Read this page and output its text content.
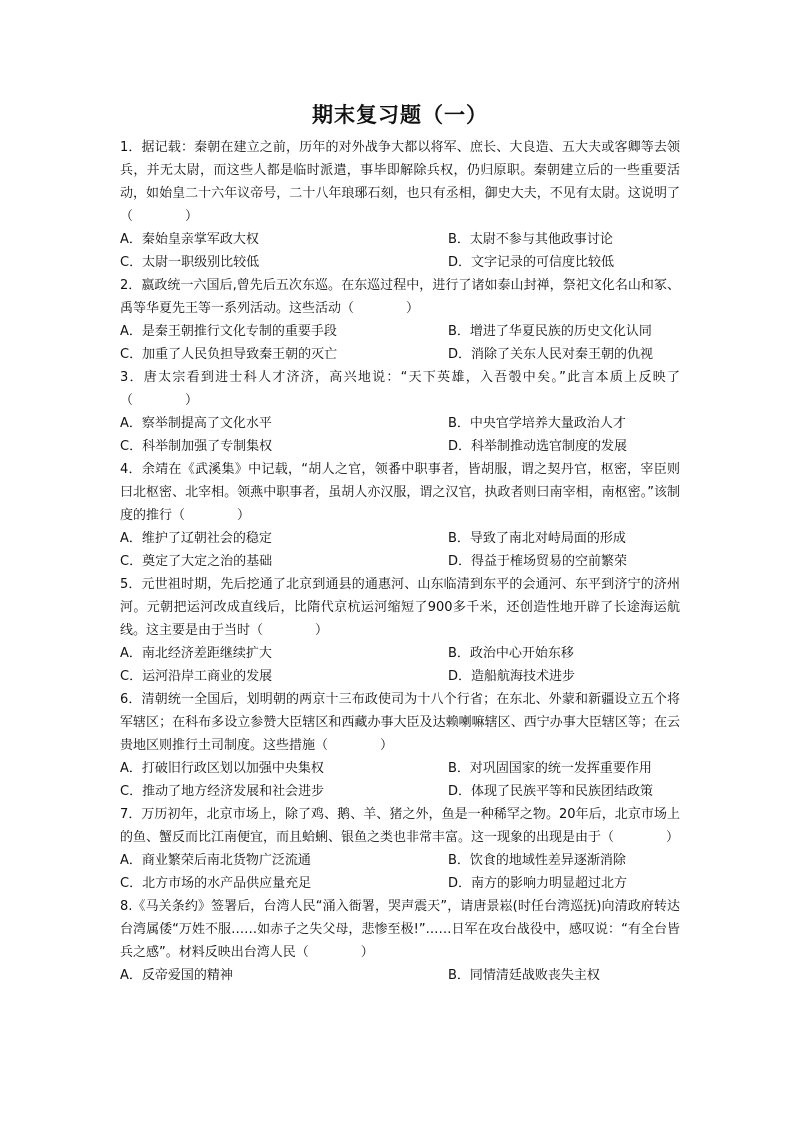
期末复习题（一）
1．据记载：秦朝在建立之前，历年的对外战争大都以将军、庶长、大良造、五大夫或客卿等去领兵，并无太尉，而这些人都是临时派遣，事毕即解除兵权，仍归原职。秦朝建立后的一些重要活动，如始皇二十六年议帝号，二十八年琅琊石刻，也只有丞相，御史大夫，不见有太尉。这说明了（　　　　）
A．秦始皇亲掌军政大权	B．太尉不参与其他政事讨论
C．太尉一职级别比较低	D．文字记录的可信度比较低
2．嬴政统一六国后,曾先后五次东巡。在东巡过程中，进行了诸如泰山封禅，祭祀文化名山和冢、禹等华夏先王等一系列活动。这些活动（　　　　）
A．是秦王朝推行文化专制的重要手段	B．增进了华夏民族的历史文化认同
C．加重了人民负担导致秦王朝的灭亡	D．消除了关东人民对秦王朝的仇视
3．唐太宗看到进士科人才济济，高兴地说：“天下英雄，入吾彀中矣。”此言本质上反映了（　　　　）
A．察举制提高了文化水平	B．中央官学培养大量政治人才
C．科举制加强了专制集权	D．科举制推动选官制度的发展
4．余靖在《武溪集》中记载，“胡人之官，领番中职事者，皆胡服，谓之契丹官，枢密，宰臣则曰北枢密、北宰相。领燕中职事者，虽胡人亦汉服，谓之汉官，执政者则曰南宰相，南枢密。”该制度的推行（　　　　）
A．维护了辽朝社会的稳定	B．导致了南北对峙局面的形成
C．奠定了大定之治的基础	D．得益于榷场贸易的空前繁荣
5．元世祖时期，先后挖通了北京到通县的通惠河、山东临清到东平的会通河、东平到济宁的济州河。元朝把运河改成直线后，比隋代京杭运河缩短了900多千米，还创造性地开辟了长途海运航线。这主要是由于当时（　　　　）
A．南北经济差距继续扩大	B．政治中心开始东移
C．运河沿岸工商业的发展	D．造船航海技术进步
6．清朝统一全国后，划明朝的两京十三布政使司为十八个行省；在东北、外蒙和新疆设立五个将军辖区；在科布多设立参赞大臣辖区和西藏办事大臣及达赖喇嘛辖区、西宁办事大臣辖区等；在云贵地区则推行土司制度。这些措施（　　　　）
A．打破旧行政区划以加强中央集权	B．对巩固国家的统一发挥重要作用
C．推动了地方经济发展和社会进步	D．体现了民族平等和民族团结政策
7．万历初年，北京市场上，除了鸡、鹅、羊、猪之外，鱼是一种稀罕之物。20年后，北京市场上的鱼、蟹反而比江南便宜，而且蛤蜊、银鱼之类也非常丰富。这一现象的出现是由于（　　　　）
A．商业繁荣后南北货物广泛流通	B．饮食的地域性差异逐渐消除
C．北方市场的水产品供应量充足	D．南方的影响力明显超过北方
8.《马关条约》签署后，台湾人民“涌入衙署，哭声震天”，请唐景崧(时任台湾巡抚)向清政府转达台湾属倭“万姓不服……如赤子之失父母，悲惨至极!”……日军在攻台战役中，感叹说：“有全台皆兵之感”。材料反映出台湾人民（　　　　）
A．反帝爱国的精神	B．同情清廷战败丧失主权
